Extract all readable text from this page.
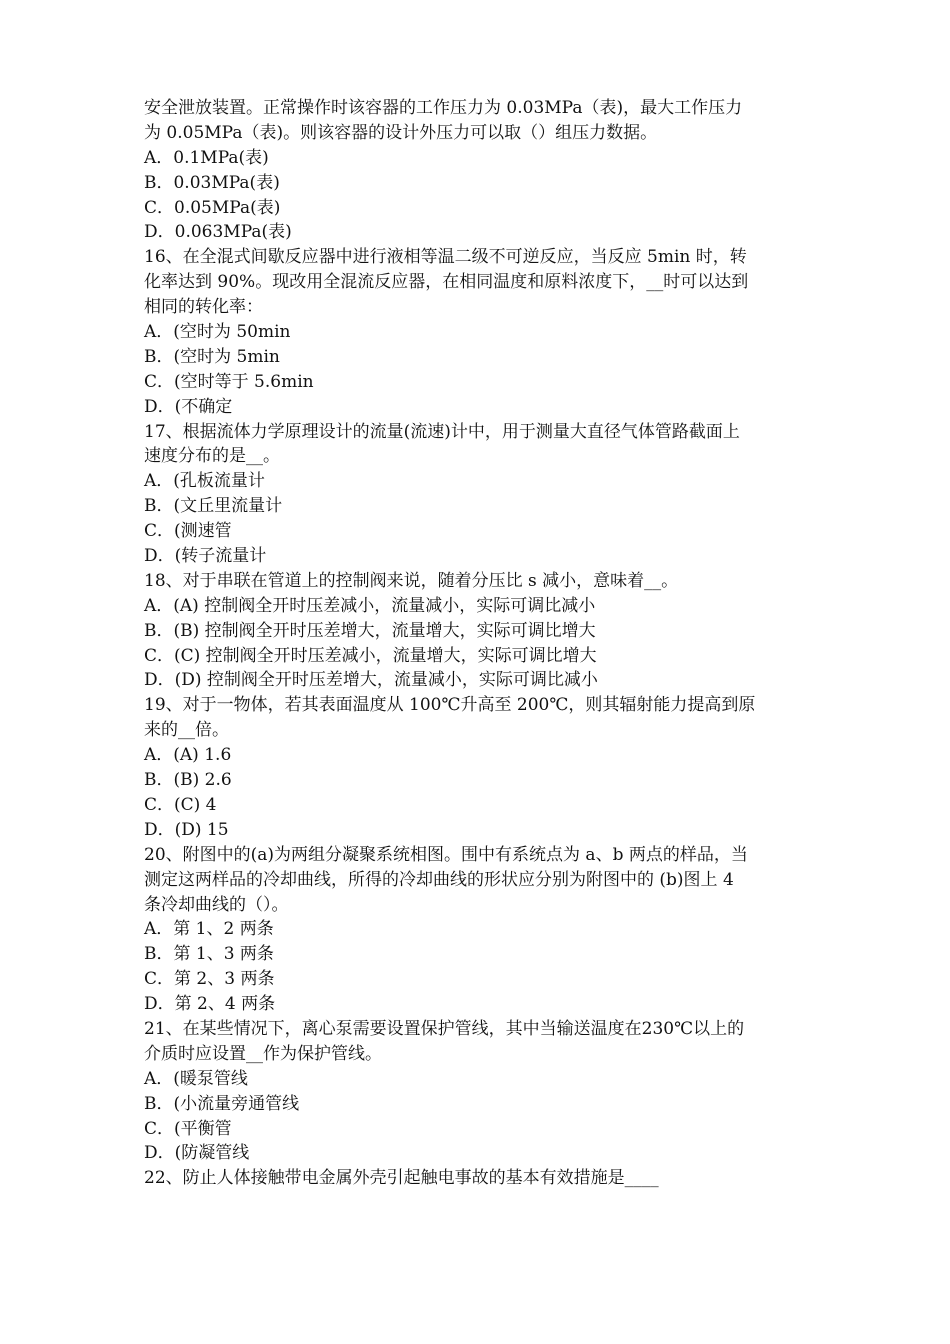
安全泄放装置。正常操作时该容器的工作压力为 0.03MPa（表)，最大工作压力
为 0.05MPa（表)。则该容器的设计外压力可以取（）组压力数据。
A．0.1MPa(表)
B．0.03MPa(表)
C．0.05MPa(表)
D．0.063MPa(表)
16、在全混式间歇反应器中进行液相等温二级不可逆反应，当反应 5min 时，转
化率达到 90%。现改用全混流反应器，在相同温度和原料浓度下，__时可以达到
相同的转化率：
A．(空时为 50min
B．(空时为 5min
C．(空时等于 5.6min
D．(不确定
17、根据流体力学原理设计的流量(流速)计中，用于测量大直径气体管路截面上
速度分布的是__。
A．(孔板流量计
B．(文丘里流量计
C．(测速管
D．(转子流量计
18、对于串联在管道上的控制阀来说，随着分压比 s 减小，意味着__。
A．(A) 控制阀全开时压差减小，流量减小，实际可调比减小
B．(B) 控制阀全开时压差增大，流量增大，实际可调比增大
C．(C) 控制阀全开时压差减小，流量增大，实际可调比增大
D．(D) 控制阀全开时压差增大，流量减小，实际可调比减小
19、对于一物体，若其表面温度从 100℃升高至 200℃，则其辐射能力提高到原
来的__倍。
A．(A) 1.6
B．(B) 2.6
C．(C) 4
D．(D) 15
20、附图中的(a)为两组分凝聚系统相图。围中有系统点为 a、b 两点的样品，当
测定这两样品的冷却曲线，所得的冷却曲线的形状应分别为附图中的 (b)图上 4
条冷却曲线的（）。
A．第 1、2 两条
B．第 1、3 两条
C．第 2、3 两条
D．第 2、4 两条
21、在某些情况下，离心泵需要设置保护管线，其中当输送温度在230℃以上的
介质时应设置__作为保护管线。
A．(暖泵管线
B．(小流量旁通管线
C．(平衡管
D．(防凝管线
22、防止人体接触带电金属外壳引起触电事故的基本有效措施是____
